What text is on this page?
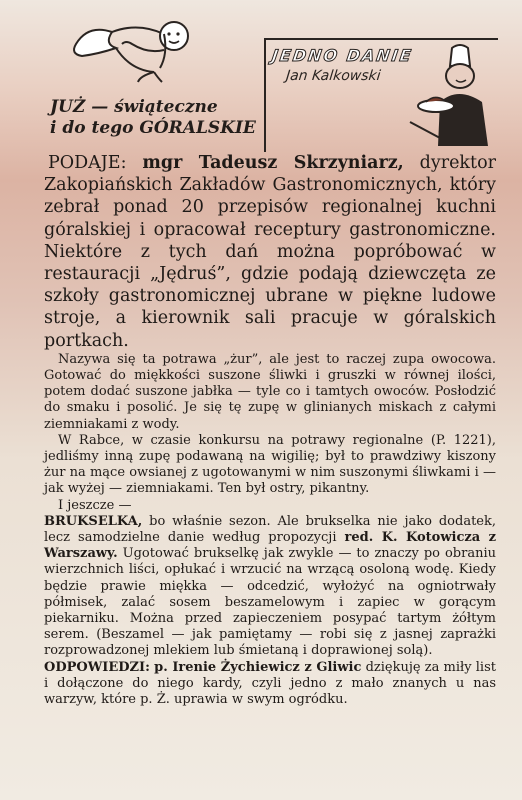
JEDNO DANIE
Jan Kalkowski
JUŻ — świąteczne
i do tego GÓRALSKIE

PODAJE: mgr Tadeusz Skrzyniarz, dyrektor Zakopiańskich Zakładów Gastronomicznych, który zebrał ponad 20 przepisów regionalnej kuchni góralskiej i opracował receptury gastronomiczne. Niektóre z tych dań można popróbować w restauracji „Jędruś”, gdzie podają dziewczęta ze szkoły gastronomicznej ubrane w piękne ludowe stroje, a kierownik sali pracuje w góralskich portkach.

Nazywa się ta potrawa „żur”, ale jest to raczej zupa owocowa. Gotować do miękkości suszone śliwki i gruszki w równej ilości, potem dodać suszone jabłka — tyle co i tamtych owoców. Posłodzić do smaku i posolić. Je się tę zupę w glinianych miskach z całymi ziemniakami z wody.

W Rabce, w czasie konkursu na potrawy regionalne (P. 1221), jedliśmy inną zupę podawaną na wigilię; był to prawdziwy kiszony żur na mące owsianej z ugotowanymi w nim suszonymi śliwkami i — jak wyżej — ziemniakami. Ten był ostry, pikantny.

I jeszcze —

BRUKSELKA, bo właśnie sezon. Ale brukselka nie jako dodatek, lecz samodzielne danie według propozycji red. K. Kotowicza z Warszawy. Ugotować brukselkę jak zwykle — to znaczy po obraniu wierzchnich liści, opłukać i wrzucić na wrzącą osoloną wodę. Kiedy będzie prawie miękka — odcedzić, wyłożyć na ogniotrwały półmisek, zalać sosem beszamelowym i zapiec w gorącym piekarniku. Można przed zapieczeniem posypać tartym żółtym serem. (Beszamel — jak pamiętamy — robi się z jasnej zaprażki rozprowadzonej mlekiem lub śmietaną i doprawionej solą).

ODPOWIEDZI: p. Irenie Żychiewicz z Gliwic dziękuję za miły list i dołączone do niego kardy, czyli jedno z mało znanych u nas warzyw, które p. Ż. uprawia w swym ogródku.
